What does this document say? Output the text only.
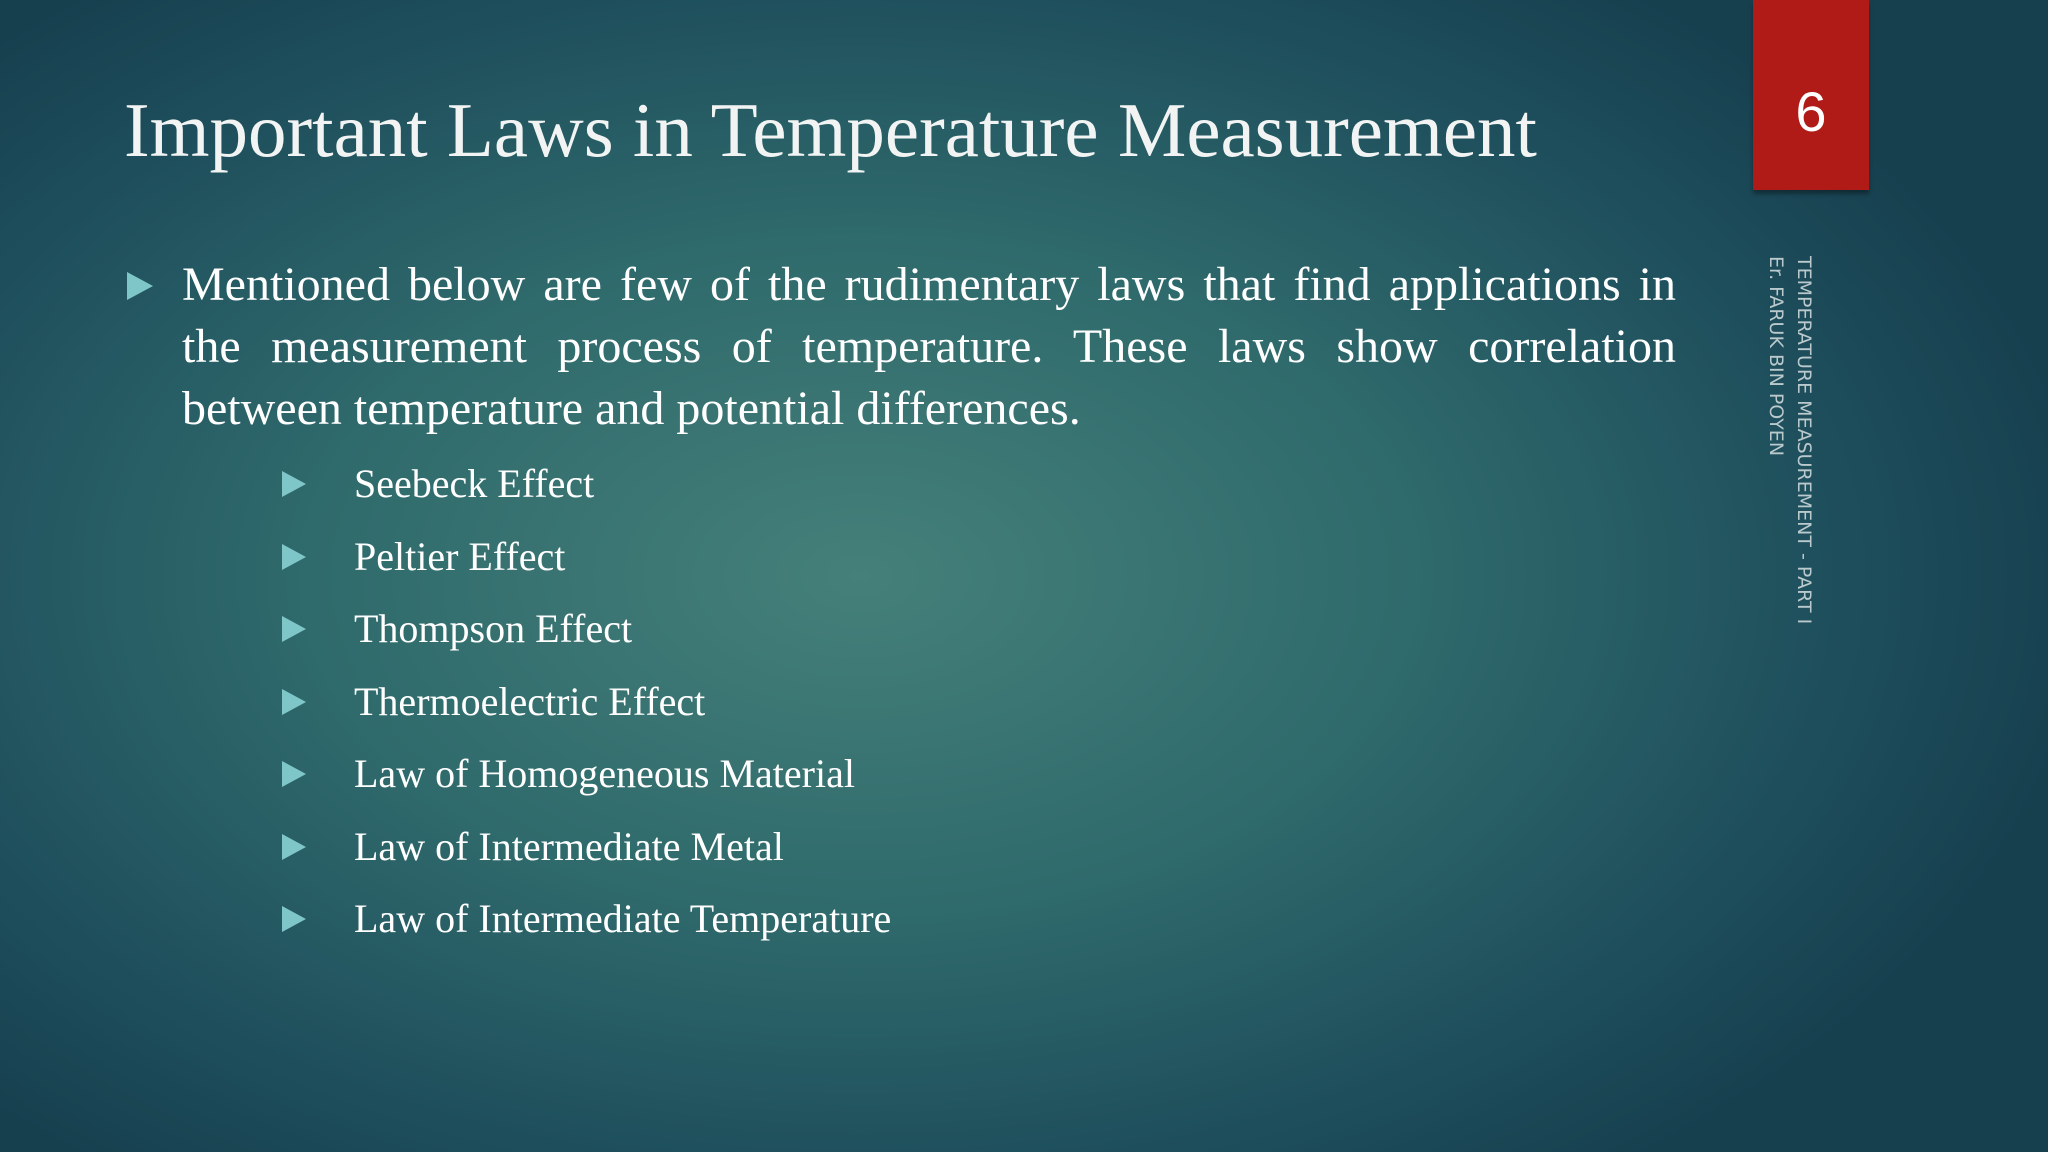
Important Laws in Temperature Measurement	6
TEMPERATURE MEASUREMENT - PART I
Er. FARUK BIN POYEN

Mentioned below are few of the rudimentary laws that find applications in the measurement process of temperature. These laws show correlation between temperature and potential differences.

Seebeck Effect
Peltier Effect
Thompson Effect
Thermoelectric Effect
Law of Homogeneous Material
Law of Intermediate Metal
Law of Intermediate Temperature
